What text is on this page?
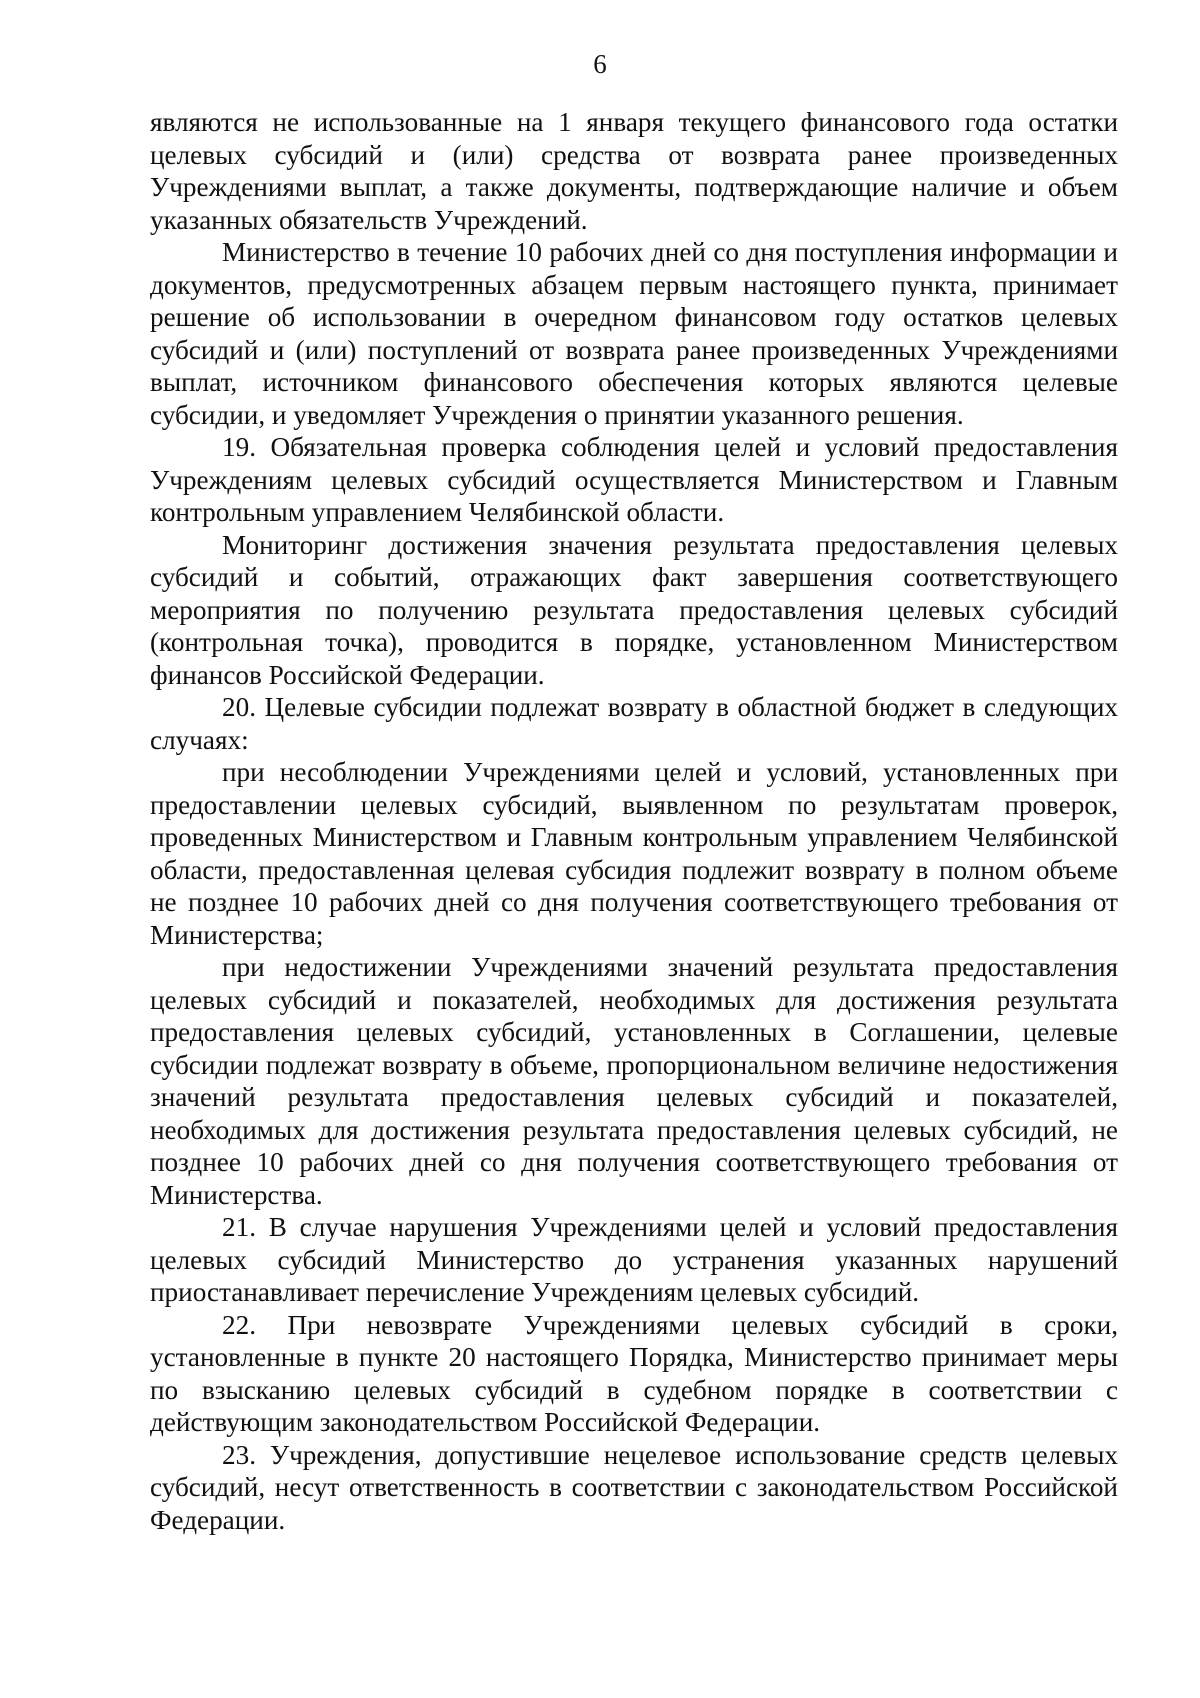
6

являются не использованные на 1 января текущего финансового года остатки целевых субсидий и (или) средства от возврата ранее произведенных Учреждениями выплат, а также документы, подтверждающие наличие и объем указанных обязательств Учреждений.

Министерство в течение 10 рабочих дней со дня поступления информации и документов, предусмотренных абзацем первым настоящего пункта, принимает решение об использовании в очередном финансовом году остатков целевых субсидий и (или) поступлений от возврата ранее произведенных Учреждениями выплат, источником финансового обеспечения которых являются целевые субсидии, и уведомляет Учреждения о принятии указанного решения.

19. Обязательная проверка соблюдения целей и условий предоставления Учреждениям целевых субсидий осуществляется Министерством и Главным контрольным управлением Челябинской области.

Мониторинг достижения значения результата предоставления целевых субсидий и событий, отражающих факт завершения соответствующего мероприятия по получению результата предоставления целевых субсидий (контрольная точка), проводится в порядке, установленном Министерством финансов Российской Федерации.

20. Целевые субсидии подлежат возврату в областной бюджет в следующих случаях:

при несоблюдении Учреждениями целей и условий, установленных при предоставлении целевых субсидий, выявленном по результатам проверок, проведенных Министерством и Главным контрольным управлением Челябинской области, предоставленная целевая субсидия подлежит возврату в полном объеме не позднее 10 рабочих дней со дня получения соответствующего требования от Министерства;

при недостижении Учреждениями значений результата предоставления целевых субсидий и показателей, необходимых для достижения результата предоставления целевых субсидий, установленных в Соглашении, целевые субсидии подлежат возврату в объеме, пропорциональном величине недостижения значений результата предоставления целевых субсидий и показателей, необходимых для достижения результата предоставления целевых субсидий, не позднее 10 рабочих дней со дня получения соответствующего требования от Министерства.

21. В случае нарушения Учреждениями целей и условий предоставления целевых субсидий Министерство до устранения указанных нарушений приостанавливает перечисление Учреждениям целевых субсидий.

22. При невозврате Учреждениями целевых субсидий в сроки, установленные в пункте 20 настоящего Порядка, Министерство принимает меры по взысканию целевых субсидий в судебном порядке в соответствии с действующим законодательством Российской Федерации.

23. Учреждения, допустившие нецелевое использование средств целевых субсидий, несут ответственность в соответствии с законодательством Российской Федерации.
